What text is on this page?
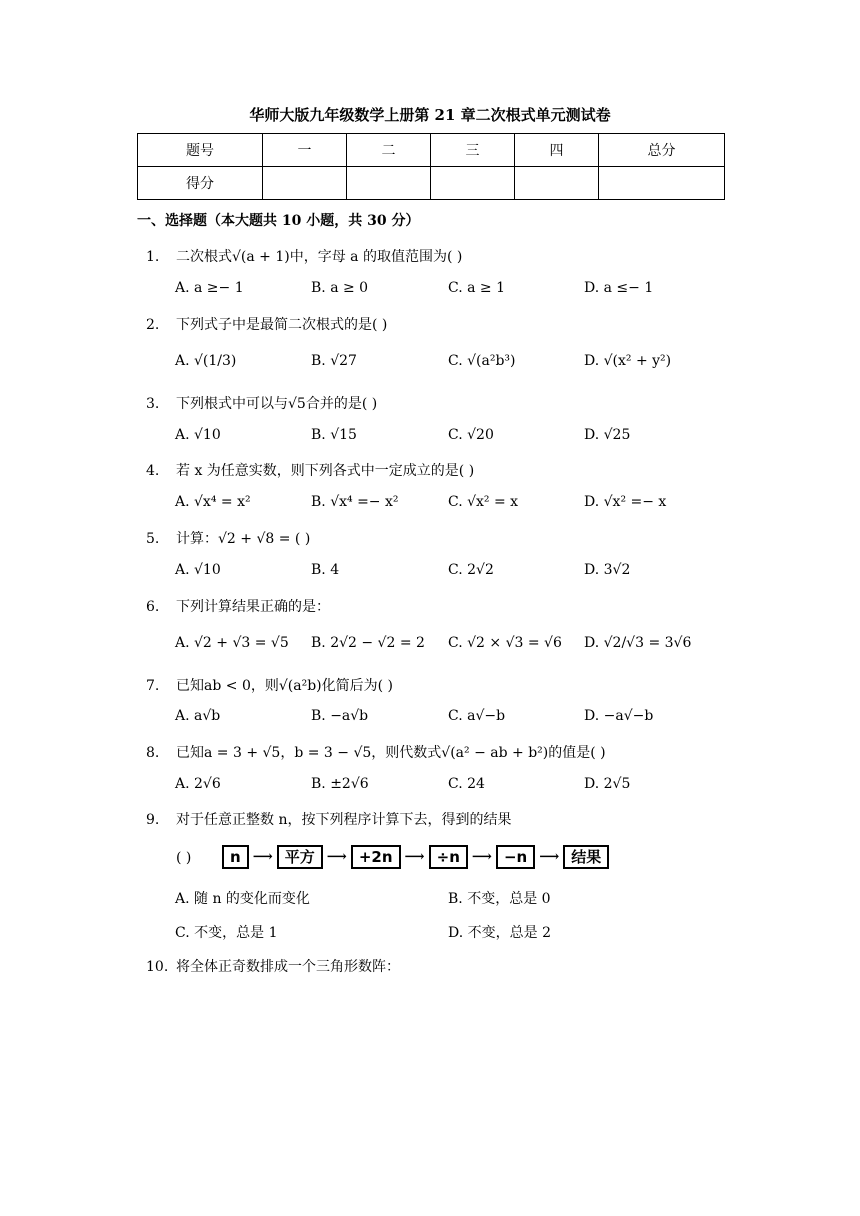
华师大版九年级数学上册第 21 章二次根式单元测试卷
题号	一	二	三	四	总分
得分					
一、选择题（本大题共 10 小题，共 30 分）
1. 二次根式√(a + 1)中，字母 a 的取值范围为( )
A. a ≥− 1	B. a ≥ 0	C. a ≥ 1	D. a ≤− 1
2. 下列式子中是最简二次根式的是( )
A. √(1/3)	B. √27	C. √(a²b³)	D. √(x² + y²)
3. 下列根式中可以与√5合并的是( )
A. √10	B. √15	C. √20	D. √25
4. 若 x 为任意实数，则下列各式中一定成立的是( )
A. √x⁴ = x²	B. √x⁴ =− x²	C. √x² = x	D. √x² =− x
5. 计算：√2 + √8 = ( )
A. √10	B. 4	C. 2√2	D. 3√2
6. 下列计算结果正确的是：
A. √2 + √3 = √5 B. 2√2 − √2 = 2 C. √2 × √3 = √6 D. √2/√3 = 3√6
7. 已知ab < 0，则√(a²b)化简后为( )
A. a√b	B. −a√b	C. a√−b	D. −a√−b
8. 已知a = 3 + √5，b = 3 − √5，则代数式√(a² − ab + b²)的值是( )
A. 2√6	B. ±2√6	C. 24	D. 2√5
9. 对于任意正整数 n，按下列程序计算下去，得到的结果
( )	n ⟶ 平方 ⟶ +2n ⟶ ÷n ⟶ −n ⟶ 结果
A. 随 n 的变化而变化	B. 不变，总是 0
C. 不变，总是 1	D. 不变，总是 2
10. 将全体正奇数排成一个三角形数阵：
